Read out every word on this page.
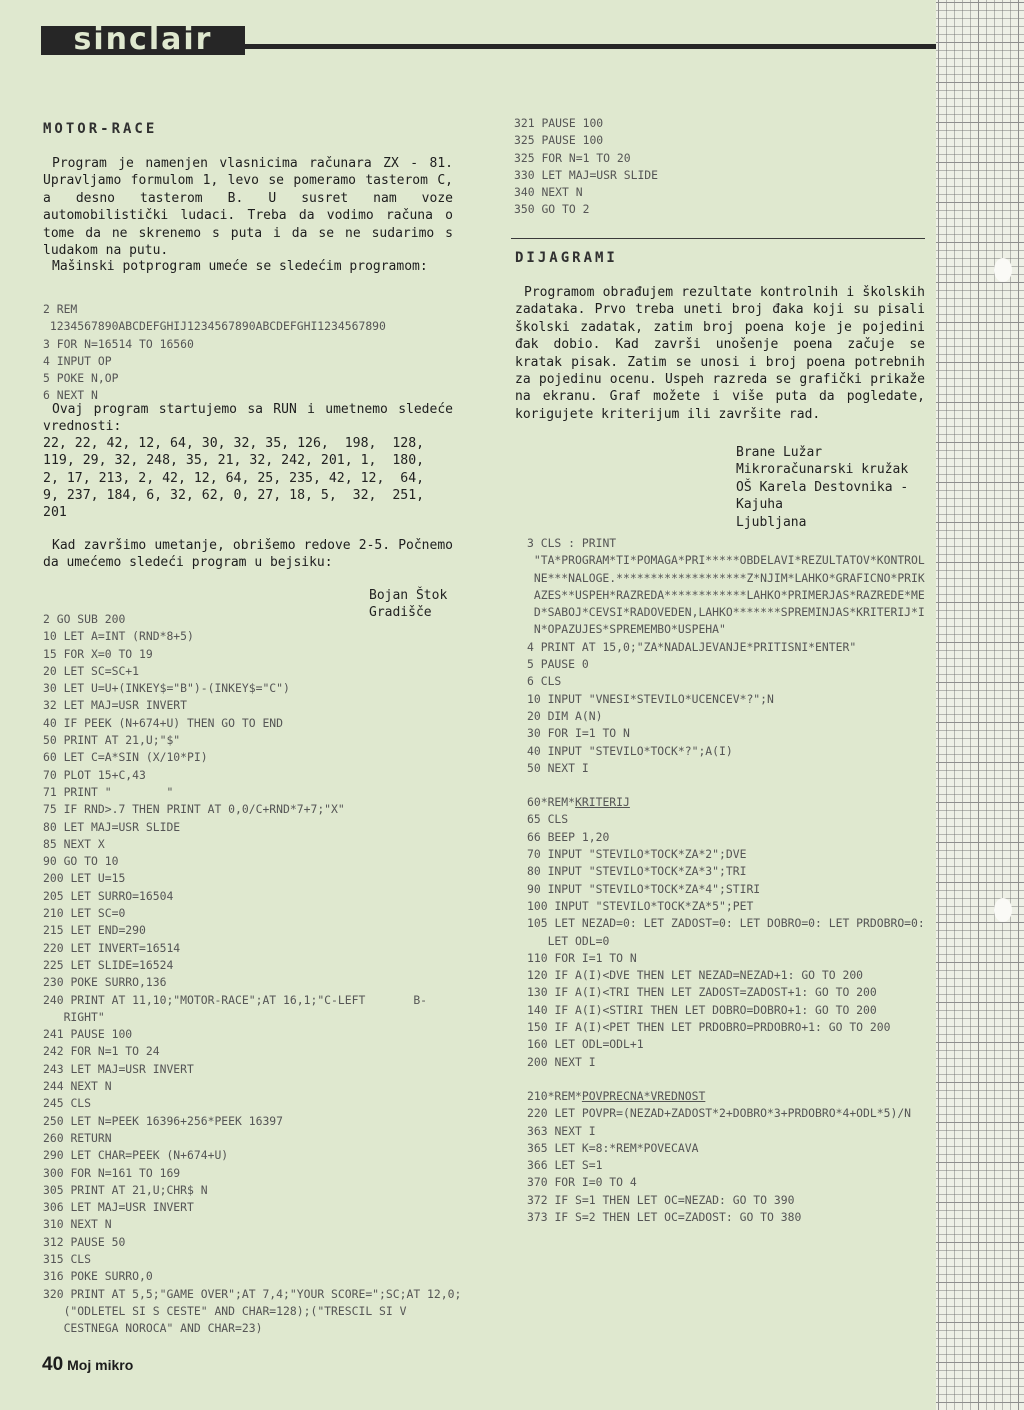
sinclair
MOTOR-RACE

Program je namenjen vlasnicima računara ZX - 81. Upravljamo formulom 1, levo se pomeramo tasterom C, a desno tasterom B. U susret nam voze automobilistički ludaci. Treba da vodimo računa o tome da ne skrenemo s puta i da se ne sudarimo s ludakom na putu.

Mašinski potprogram umeće se sledećim programom:

2 REM
1234567890ABCDEFGHIJ1234567890ABCDEFGHI1234567890
3 FOR N=16514 TO 16560
4 INPUT OP
5 POKE N,OP
6 NEXT N

Ovaj program startujemo sa RUN i umetnemo sledeće vrednosti:

22, 22, 42, 12, 64, 30, 32, 35, 126,  198,  128,
119, 29, 32, 248, 35, 21, 32, 242, 201, 1,  180,
2, 17, 213, 2, 42, 12, 64, 25, 235, 42, 12,  64,
9, 237, 184, 6, 32, 62, 0, 27, 18, 5,  32,  251,
201

Kad završimo umetanje, obrišemo redove 2-5. Počnemo da umećemo sledeći program u bejsiku:

Bojan Štok
Gradišče
2 GO SUB 200
10 LET A=INT (RND*8+5)
15 FOR X=0 TO 19
20 LET SC=SC+1
30 LET U=U+(INKEY$="B")-(INKEY$="C")
32 LET MAJ=USR INVERT
40 IF PEEK (N+674+U) THEN GO TO END
50 PRINT AT 21,U;"$"
60 LET C=A*SIN (X/10*PI)
70 PLOT 15+C,43
71 PRINT "        "
75 IF RND>.7 THEN PRINT AT 0,0/C+RND*7+7;"X"
80 LET MAJ=USR SLIDE
85 NEXT X
90 GO TO 10
200 LET U=15
205 LET SURRO=16504
210 LET SC=0
215 LET END=290
220 LET INVERT=16514
225 LET SLIDE=16524
230 POKE SURRO,136
240 PRINT AT 11,10;"MOTOR-RACE";AT 16,1;"C-LEFT       B-RIGHT"
241 PAUSE 100
242 FOR N=1 TO 24
243 LET MAJ=USR INVERT
244 NEXT N
245 CLS
250 LET N=PEEK 16396+256*PEEK 16397
260 RETURN
290 LET CHAR=PEEK (N+674+U)
300 FOR N=161 TO 169
305 PRINT AT 21,U;CHR$ N
306 LET MAJ=USR INVERT
310 NEXT N
312 PAUSE 50
315 CLS
316 POKE SURRO,0
320 PRINT AT 5,5;"GAME OVER";AT 7,4;"YOUR SCORE=";SC;AT 12,0;("ODLETEL SI S CESTE" AND CHAR=128);("TRESCIL SI V CESTNEGA NOROCA" AND CHAR=23)
321 PAUSE 100
325 PAUSE 100
325 FOR N=1 TO 20
330 LET MAJ=USR SLIDE
340 NEXT N
350 GO TO 2
DIJAGRAMI

Programom obrađujem rezultate kontrolnih i školskih zadataka. Prvo treba uneti broj đaka koji su pisali školski zadatak, zatim broj poena koje je pojedini đak dobio. Kad završi unošenje poena začuje se kratak pisak. Zatim se unosi i broj poena potrebnih za pojedinu ocenu. Uspeh razreda se grafički prikaže na ekranu. Graf možete i više puta da pogledate, korigujete kriterijum ili završite rad.

Brane Lužar
Mikroračunarski kružak
OŠ Karela Destovnika -
Kajuha
Ljubljana
3 CLS : PRINT "TA*PROGRAM*TI*POMAGA*PRI*****OBDELAVI*REZULTATOV*KONTROLNE***NALOGE.*******************Z*NJIM*LAHKO*GRAFICNO*PRIKAZES**USPEH*RAZREDA************LAHKO*PRIMERJAS*RAZREDE*MED*SABOJ*CEVSI*RADOVEDEN,LAHKO*******SPREMINJAS*KRITERIJ*IN*OPAZUJES*SPREMEMBO*USPEHA"
4 PRINT AT 15,0;"ZA*NADALJEVANJE*PRITISNI*ENTER"
5 PAUSE 0
6 CLS
10 INPUT "VNESI*STEVILO*UCENCEV*?";N
20 DIM A(N)
30 FOR I=1 TO N
40 INPUT "STEVILO*TOCK*?";A(I)
50 NEXT I
60 *REM* KRITERIJ
65 CLS
66 BEEP 1,20
70 INPUT "STEVILO*TOCK*ZA*2";DVE
80 INPUT "STEVILO*TOCK*ZA*3";TRI
90 INPUT "STEVILO*TOCK*ZA*4";STIRI
100 INPUT "STEVILO*TOCK*ZA*5";PET
105 LET NEZAD=0: LET ZADOST=0: LET DOBRO=0: LET PRDOBRO=0: LET ODL=0
110 FOR I=1 TO N
120 IF A(I)<DVE THEN LET NEZAD=NEZAD+1: GO TO 200
130 IF A(I)<TRI THEN LET ZADOST=ZADOST+1: GO TO 200
140 IF A(I)<STIRI THEN LET DOBRO=DOBRO+1: GO TO 200
150 IF A(I)<PET THEN LET PRDOBRO=PRDOBRO+1: GO TO 200
160 LET ODL=ODL+1
200 NEXT I
210 *REM* POVPRECNA*VREDNOST
220 LET POVPR=(NEZAD+ZADOST*2+DOBRO*3+PRDOBRO*4+ODL*5)/N
363 NEXT I
365 LET K=8:*REM*POVECAVA
366 LET S=1
370 FOR I=0 TO 4
372 IF S=1 THEN LET OC=NEZAD: GO TO 390
373 IF S=2 THEN LET OC=ZADOST: GO TO 380
40 Moj mikro
